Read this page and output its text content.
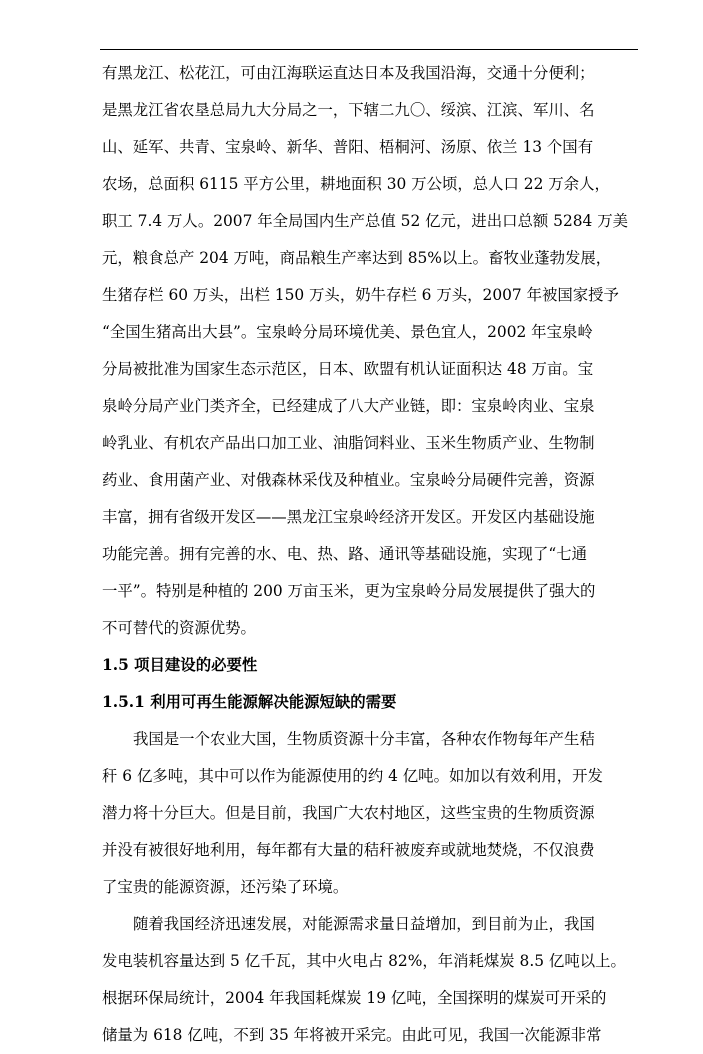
有黑龙江、松花江，可由江海联运直达日本及我国沿海，交通十分便利；
是黑龙江省农垦总局九大分局之一，下辖二九〇、绥滨、江滨、军川、名
山、延军、共青、宝泉岭、新华、普阳、梧桐河、汤原、依兰 13 个国有
农场，总面积 6115 平方公里，耕地面积 30 万公顷，总人口 22 万余人，
职工 7.4 万人。2007 年全局国内生产总值 52 亿元，进出口总额 5284 万美
元，粮食总产 204 万吨，商品粮生产率达到 85%以上。畜牧业蓬勃发展，
生猪存栏 60 万头，出栏 150 万头，奶牛存栏 6 万头，2007 年被国家授予
“全国生猪高出大县”。宝泉岭分局环境优美、景色宜人，2002 年宝泉岭
分局被批准为国家生态示范区，日本、欧盟有机认证面积达 48 万亩。宝
泉岭分局产业门类齐全，已经建成了八大产业链，即：宝泉岭肉业、宝泉
岭乳业、有机农产品出口加工业、油脂饲料业、玉米生物质产业、生物制
药业、食用菌产业、对俄森林采伐及种植业。宝泉岭分局硬件完善，资源
丰富，拥有省级开发区——黑龙江宝泉岭经济开发区。开发区内基础设施
功能完善。拥有完善的水、电、热、路、通讯等基础设施，实现了“七通
一平”。特别是种植的 200 万亩玉米，更为宝泉岭分局发展提供了强大的
不可替代的资源优势。
1.5 项目建设的必要性
1.5.1 利用可再生能源解决能源短缺的需要
我国是一个农业大国，生物质资源十分丰富，各种农作物每年产生秸
秆 6 亿多吨，其中可以作为能源使用的约 4 亿吨。如加以有效利用，开发
潜力将十分巨大。但是目前，我国广大农村地区，这些宝贵的生物质资源
并没有被很好地利用，每年都有大量的秸秆被废弃或就地焚烧，不仅浪费
了宝贵的能源资源，还污染了环境。
随着我国经济迅速发展，对能源需求量日益增加，到目前为止，我国
发电装机容量达到 5 亿千瓦，其中火电占 82%，年消耗煤炭 8.5 亿吨以上。
根据环保局统计，2004 年我国耗煤炭 19 亿吨，全国探明的煤炭可开采的
储量为 618 亿吨，不到 35 年将被开采完。由此可见，我国一次能源非常
